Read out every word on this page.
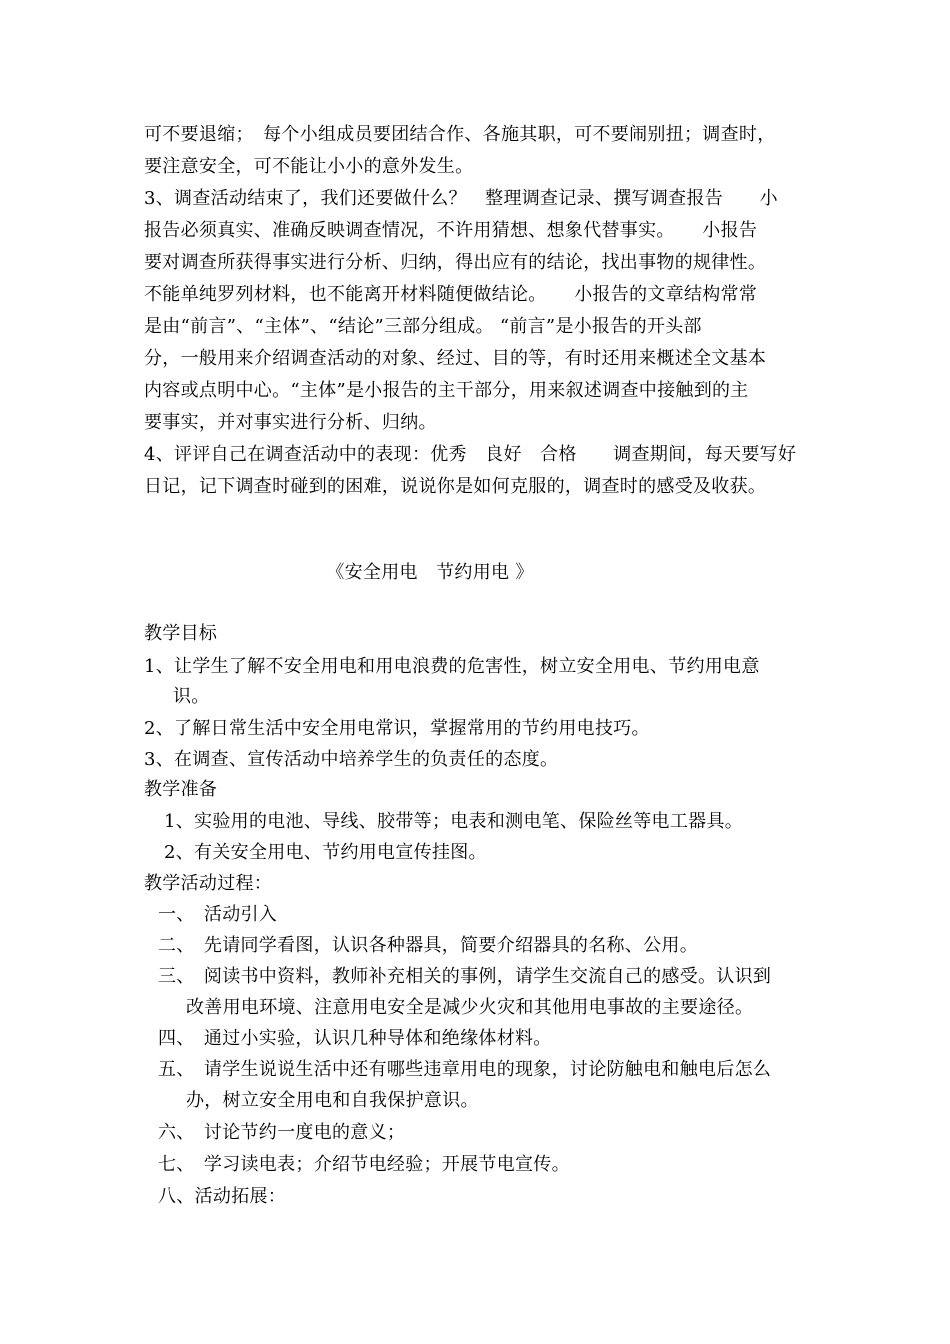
可不要退缩；　每个小组成员要团结合作、各施其职，可不要闹别扭；调查时，
要注意安全，可不能让小小的意外发生。
3、调查活动结束了，我们还要做什么？　整理调查记录、撰写调查报告　　小
报告必须真实、准确反映调查情况，不许用猜想、想象代替事实。　　小报告
要对调查所获得事实进行分析、归纳，得出应有的结论，找出事物的规律性。
不能单纯罗列材料，也不能离开材料随便做结论。　　小报告的文章结构常常
是由“前言”、“主体”、“结论”三部分组成。 “前言”是小报告的开头部
分，一般用来介绍调查活动的对象、经过、目的等，有时还用来概述全文基本
内容或点明中心。“主体”是小报告的主干部分，用来叙述调查中接触到的主
要事实，并对事实进行分析、归纳。
4、评评自己在调查活动中的表现：优秀　良好　合格　　调查期间，每天要写好
日记，记下调查时碰到的困难，说说你是如何克服的，调查时的感受及收获。
《安全用电　节约用电 》
教学目标
1、让学生了解不安全用电和用电浪费的危害性，树立安全用电、节约用电意
识。
2、了解日常生活中安全用电常识，掌握常用的节约用电技巧。
3、在调查、宣传活动中培养学生的负责任的态度。
教学准备
1、实验用的电池、导线、胶带等；电表和测电笔、保险丝等电工器具。
2、有关安全用电、节约用电宣传挂图。
教学活动过程：
一、　活动引入
二、　先请同学看图，认识各种器具，简要介绍器具的名称、公用。
三、　阅读书中资料，教师补充相关的事例，请学生交流自己的感受。认识到
改善用电环境、注意用电安全是减少火灾和其他用电事故的主要途径。
四、　通过小实验，认识几种导体和绝缘体材料。
五、　请学生说说生活中还有哪些违章用电的现象，讨论防触电和触电后怎么
办，树立安全用电和自我保护意识。
六、　讨论节约一度电的意义；
七、　学习读电表；介绍节电经验；开展节电宣传。
八、活动拓展：
